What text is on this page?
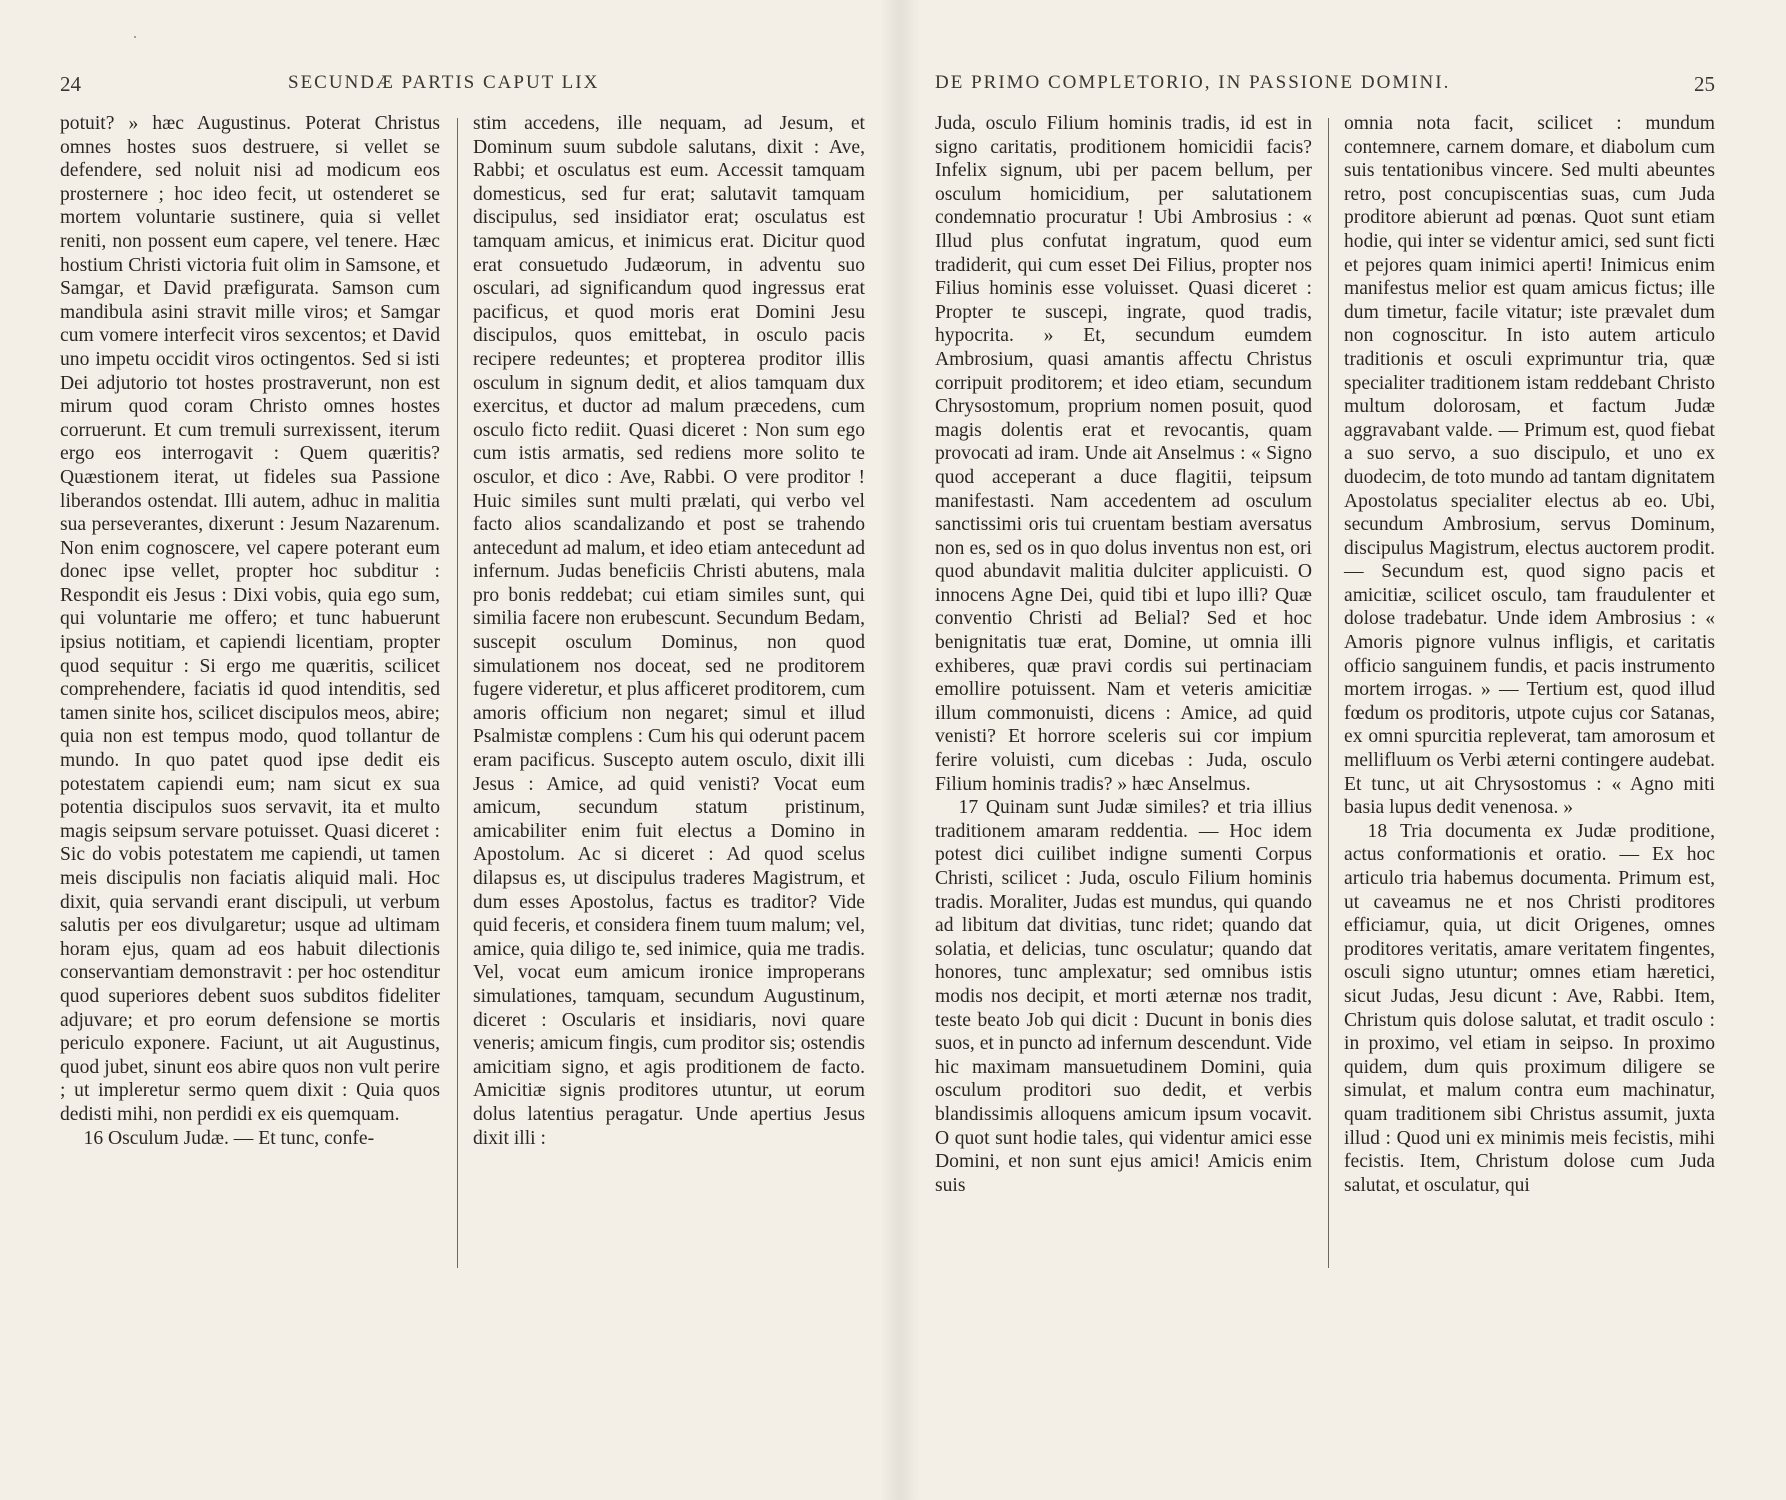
24	SECUNDÆ PARTIS CAPUT LIX

potuit? » hæc Augustinus. Poterat Christus omnes hostes suos destruere, si vellet se defendere, sed noluit nisi ad modicum eos prosternere ; hoc ideo fecit, ut ostenderet se mortem voluntarie sustinere, quia si vellet reniti, non possent eum capere, vel tenere. Hæc hostium Christi victoria fuit olim in Samsone, et Samgar, et David præfigurata. Samson cum mandibula asini stravit mille viros; et Samgar cum vomere interfecit viros sexcentos; et David uno impetu occidit viros octingentos. Sed si isti Dei adjutorio tot hostes prostraverunt, non est mirum quod coram Christo omnes hostes corruerunt. Et cum tremuli surrexissent, iterum ergo eos interrogavit : Quem quæritis? Quæstionem iterat, ut fideles sua Passione liberandos ostendat. Illi autem, adhuc in malitia sua perseverantes, dixerunt : Jesum Nazarenum. Non enim cognoscere, vel capere poterant eum donec ipse vellet, propter hoc subditur : Respondit eis Jesus : Dixi vobis, quia ego sum, qui voluntarie me offero; et tunc habuerunt ipsius notitiam, et capiendi licentiam, propter quod sequitur : Si ergo me quæritis, scilicet comprehendere, faciatis id quod intenditis, sed tamen sinite hos, scilicet discipulos meos, abire; quia non est tempus modo, quod tollantur de mundo. In quo patet quod ipse dedit eis potestatem capiendi eum; nam sicut ex sua potentia discipulos suos servavit, ita et multo magis seipsum servare potuisset. Quasi diceret : Sic do vobis potestatem me capiendi, ut tamen meis discipulis non faciatis aliquid mali. Hoc dixit, quia servandi erant discipuli, ut verbum salutis per eos divulgaretur; usque ad ultimam horam ejus, quam ad eos habuit dilectionis conservantiam demonstravit : per hoc ostenditur quod superiores debent suos subditos fideliter adjuvare; et pro eorum defensione se mortis periculo exponere. Faciunt, ut ait Augustinus, quod jubet, sinunt eos abire quos non vult perire ; ut impleretur sermo quem dixit : Quia quos dedisti mihi, non perdidi ex eis quemquam.

16 Osculum Judæ. — Et tunc, confe-

stim accedens, ille nequam, ad Jesum, et Dominum suum subdole salutans, dixit : Ave, Rabbi; et osculatus est eum. Accessit tamquam domesticus, sed fur erat; salutavit tamquam discipulus, sed insidiator erat; osculatus est tamquam amicus, et inimicus erat. Dicitur quod erat consuetudo Judæorum, in adventu suo osculari, ad significandum quod ingressus erat pacificus, et quod moris erat Domini Jesu discipulos, quos emittebat, in osculo pacis recipere redeuntes; et propterea proditor illis osculum in signum dedit, et alios tamquam dux exercitus, et ductor ad malum præcedens, cum osculo ficto rediit. Quasi diceret : Non sum ego cum istis armatis, sed rediens more solito te osculor, et dico : Ave, Rabbi. O vere proditor ! Huic similes sunt multi prælati, qui verbo vel facto alios scandalizando et post se trahendo antecedunt ad malum, et ideo etiam antecedunt ad infernum. Judas beneficiis Christi abutens, mala pro bonis reddebat; cui etiam similes sunt, qui similia facere non erubescunt. Secundum Bedam, suscepit osculum Dominus, non quod simulationem nos doceat, sed ne proditorem fugere videretur, et plus afficeret proditorem, cum amoris officium non negaret; simul et illud Psalmistæ complens : Cum his qui oderunt pacem eram pacificus. Suscepto autem osculo, dixit illi Jesus : Amice, ad quid venisti? Vocat eum amicum, secundum statum pristinum, amicabiliter enim fuit electus a Domino in Apostolum. Ac si diceret : Ad quod scelus dilapsus es, ut discipulus traderes Magistrum, et dum esses Apostolus, factus es traditor? Vide quid feceris, et considera finem tuum malum; vel, amice, quia diligo te, sed inimice, quia me tradis. Vel, vocat eum amicum ironice improperans simulationes, tamquam, secundum Augustinum, diceret : Oscularis et insidiaris, novi quare veneris; amicum fingis, cum proditor sis; ostendis amicitiam signo, et agis proditionem de facto. Amicitiæ signis proditores utuntur, ut eorum dolus latentius peragatur. Unde apertius Jesus dixit illi :

DE PRIMO COMPLETORIO, IN PASSIONE DOMINI.	25

Juda, osculo Filium hominis tradis, id est in signo caritatis, proditionem homicidii facis? Infelix signum, ubi per pacem bellum, per osculum homicidium, per salutationem condemnatio procuratur ! Ubi Ambrosius : « Illud plus confutat ingratum, quod eum tradiderit, qui cum esset Dei Filius, propter nos Filius hominis esse voluisset. Quasi diceret : Propter te suscepi, ingrate, quod tradis, hypocrita. » Et, secundum eumdem Ambrosium, quasi amantis affectu Christus corripuit proditorem; et ideo etiam, secundum Chrysostomum, proprium nomen posuit, quod magis dolentis erat et revocantis, quam provocati ad iram. Unde ait Anselmus : « Signo quod acceperant a duce flagitii, teipsum manifestasti. Nam accedentem ad osculum sanctissimi oris tui cruentam bestiam aversatus non es, sed os in quo dolus inventus non est, ori quod abundavit malitia dulciter applicuisti. O innocens Agne Dei, quid tibi et lupo illi? Quæ conventio Christi ad Belial? Sed et hoc benignitatis tuæ erat, Domine, ut omnia illi exhiberes, quæ pravi cordis sui pertinaciam emollire potuissent. Nam et veteris amicitiæ illum commonuisti, dicens : Amice, ad quid venisti? Et horrore sceleris sui cor impium ferire voluisti, cum dicebas : Juda, osculo Filium hominis tradis? » hæc Anselmus.

17 Quinam sunt Judæ similes? et tria illius traditionem amaram reddentia. — Hoc idem potest dici cuilibet indigne sumenti Corpus Christi, scilicet : Juda, osculo Filium hominis tradis. Moraliter, Judas est mundus, qui quando ad libitum dat divitias, tunc ridet; quando dat solatia, et delicias, tunc osculatur; quando dat honores, tunc amplexatur; sed omnibus istis modis nos decipit, et morti æternæ nos tradit, teste beato Job qui dicit : Ducunt in bonis dies suos, et in puncto ad infernum descendunt. Vide hic maximam mansuetudinem Domini, quia osculum proditori suo dedit, et verbis blandissimis alloquens amicum ipsum vocavit. O quot sunt hodie tales, qui videntur amici esse Domini, et non sunt ejus amici! Amicis enim suis

omnia nota facit, scilicet : mundum contemnere, carnem domare, et diabolum cum suis tentationibus vincere. Sed multi abeuntes retro, post concupiscentias suas, cum Juda proditore abierunt ad pœnas. Quot sunt etiam hodie, qui inter se videntur amici, sed sunt ficti et pejores quam inimici aperti! Inimicus enim manifestus melior est quam amicus fictus; ille dum timetur, facile vitatur; iste prævalet dum non cognoscitur. In isto autem articulo traditionis et osculi exprimuntur tria, quæ specialiter traditionem istam reddebant Christo multum dolorosam, et factum Judæ aggravabant valde. — Primum est, quod fiebat a suo servo, a suo discipulo, et uno ex duodecim, de toto mundo ad tantam dignitatem Apostolatus specialiter electus ab eo. Ubi, secundum Ambrosium, servus Dominum, discipulus Magistrum, electus auctorem prodit. — Secundum est, quod signo pacis et amicitiæ, scilicet osculo, tam fraudulenter et dolose tradebatur. Unde idem Ambrosius : « Amoris pignore vulnus infligis, et caritatis officio sanguinem fundis, et pacis instrumento mortem irrogas. » — Tertium est, quod illud fœdum os proditoris, utpote cujus cor Satanas, ex omni spurcitia repleverat, tam amorosum et mellifluum os Verbi æterni contingere audebat. Et tunc, ut ait Chrysostomus : « Agno miti basia lupus dedit venenosa. »

18 Tria documenta ex Judæ proditione, actus conformationis et oratio. — Ex hoc articulo tria habemus documenta. Primum est, ut caveamus ne et nos Christi proditores efficiamur, quia, ut dicit Origenes, omnes proditores veritatis, amare veritatem fingentes, osculi signo utuntur; omnes etiam hæretici, sicut Judas, Jesu dicunt : Ave, Rabbi. Item, Christum quis dolose salutat, et tradit osculo : in proximo, vel etiam in seipso. In proximo quidem, dum quis proximum diligere se simulat, et malum contra eum machinatur, quam traditionem sibi Christus assumit, juxta illud : Quod uni ex minimis meis fecistis, mihi fecistis. Item, Christum dolose cum Juda salutat, et osculatur, qui
